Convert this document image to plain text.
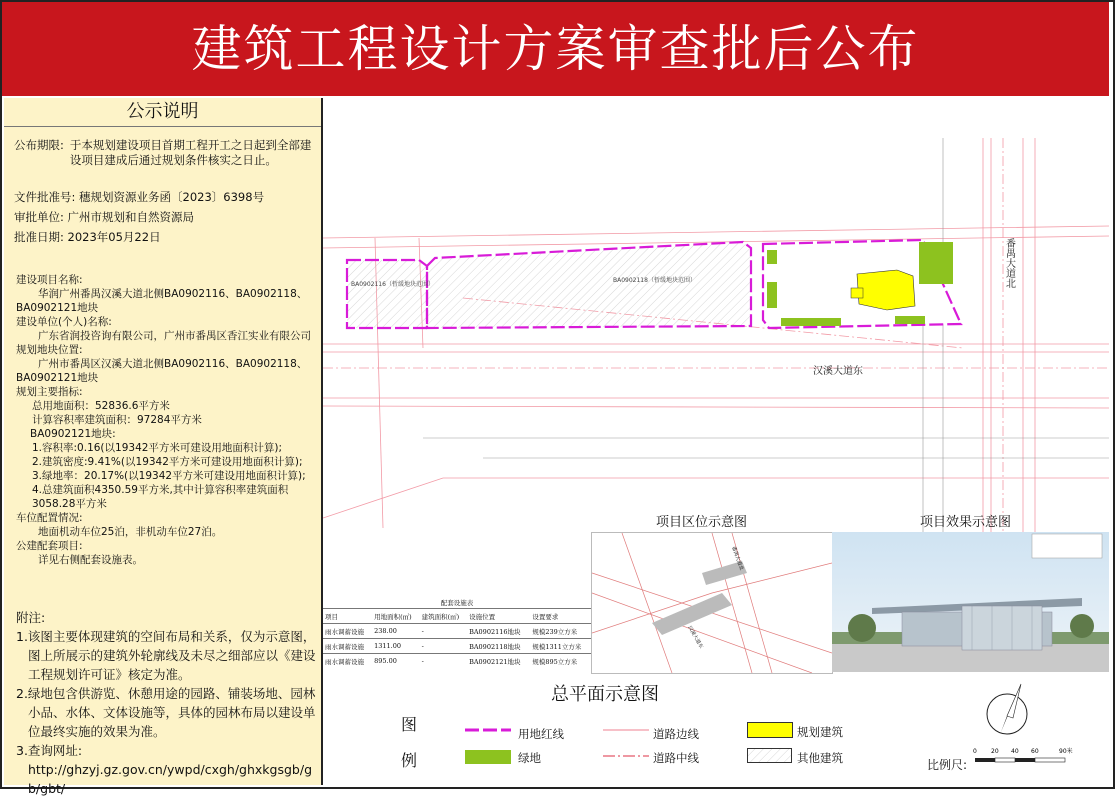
建筑工程设计方案审查批后公布
公示说明
公布期限: 于本规划建设项目首期工程开工之日起到全部建设项目建成后通过规划条件核实之日止。
文件批准号: 穗规划资源业务函〔2023〕6398号
审批单位: 广州市规划和自然资源局
批准日期: 2023年05月22日
建设项目名称:
华润广州番禺汉溪大道北侧BA0902116、BA0902118、BA0902121地块
建设单位(个人)名称:
广东省润投咨询有限公司，广州市番禺区香江实业有限公司
规划地块位置:
广州市番禺区汉溪大道北侧BA0902116、BA0902118、BA0902121地块
规划主要指标:
总用地面积：52836.6平方米
计算容积率建筑面积：97284平方米
BA0902121地块:
1.容积率:0.16(以19342平方米可建设用地面积计算);
2.建筑密度:9.41%(以19342平方米可建设用地面积计算);
3.绿地率：20.17%(以19342平方米可建设用地面积计算);
4.总建筑面积4350.59平方米,其中计算容积率建筑面积3058.28平方米
车位配置情况:
地面机动车位25泊，非机动车位27泊。
公建配套项目:
详见右侧配套设施表。
附注:
1.该图主要体现建筑的空间布局和关系，仅为示意图，图上所展示的建筑外轮廓线及未尽之细部应以《建设工程规划许可证》核定为准。
2.绿地包含供游览、休憩用途的园路、铺装场地、园林小品、水体、文体设施等，具体的园林布局以建设单位最终实施的效果为准。
3.查询网址:
http://ghzyj.gz.gov.cn/ywpd/cxgh/ghxkgsgb/gb/gbt/
BA0902116（暂缓地块范围）
BA0902118（暂缓地块范围）
汉溪大道东
番禺大道北
项目区位示意图	项目效果示意图
配套设施表
项目	用地面积(㎡)	建筑面积(㎡)	设施位置	设置要求
雨水调蓄设施	238.00	-	BA0902116地块	规模239立方米
雨水调蓄设施	1311.00	-	BA0902118地块	规模1311立方米
雨水调蓄设施	895.00	-	BA0902121地块	规模895立方米
番禺大道北
汉溪大道东
总平面示意图
图
例
用地红线
绿地
道路边线
道路中线
规划建筑
其他建筑	比例尺:
0 20 40 60	90米
